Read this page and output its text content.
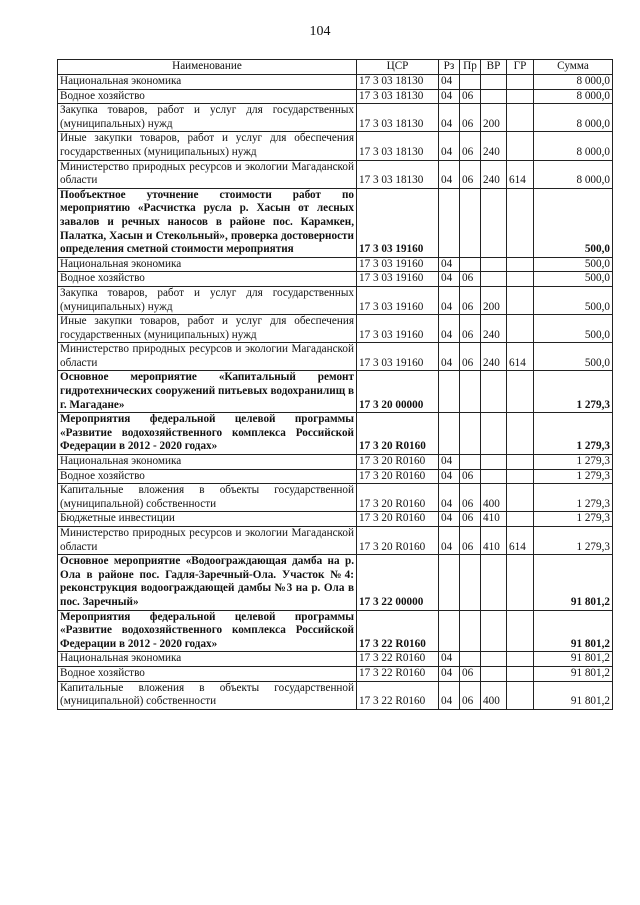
104
Наименование	ЦСР	Рз	Пр	ВР	ГР	Сумма
Национальная экономика	17 3 03 18130	04				8 000,0
Водное хозяйство	17 3 03 18130	04	06			8 000,0
Закупка товаров, работ и услуг для государственных (муниципальных) нужд	17 3 03 18130	04	06	200		8 000,0
Иные закупки товаров, работ и услуг для обеспечения государственных (муниципальных) нужд	17 3 03 18130	04	06	240		8 000,0
Министерство природных ресурсов и экологии Магаданской области	17 3 03 18130	04	06	240	614	8 000,0
Пообъектное уточнение стоимости работ по мероприятию «Расчистка русла р. Хасын от лесных завалов и речных наносов в районе пос. Карамкен, Палатка, Хасын и Стекольный», проверка достоверности определения сметной стоимости мероприятия	17 3 03 19160					500,0
Национальная экономика	17 3 03 19160	04				500,0
Водное хозяйство	17 3 03 19160	04	06			500,0
Закупка товаров, работ и услуг для государственных (муниципальных) нужд	17 3 03 19160	04	06	200		500,0
Иные закупки товаров, работ и услуг для обеспечения государственных (муниципальных) нужд	17 3 03 19160	04	06	240		500,0
Министерство природных ресурсов и экологии Магаданской области	17 3 03 19160	04	06	240	614	500,0
Основное мероприятие «Капитальный ремонт гидротехнических сооружений питьевых водохранилищ в г. Магадане»	17 3 20 00000					1 279,3
Мероприятия федеральной целевой программы «Развитие водохозяйственного комплекса Российской Федерации в 2012 - 2020 годах»	17 3 20 R0160					1 279,3
Национальная экономика	17 3 20 R0160	04				1 279,3
Водное хозяйство	17 3 20 R0160	04	06			1 279,3
Капитальные вложения в объекты государственной (муниципальной) собственности	17 3 20 R0160	04	06	400		1 279,3
Бюджетные инвестиции	17 3 20 R0160	04	06	410		1 279,3
Министерство природных ресурсов и экологии Магаданской области	17 3 20 R0160	04	06	410	614	1 279,3
Основное мероприятие «Водоограждающая дамба на р. Ола в районе пос. Гадля-Заречный-Ола. Участок №4: реконструкция водоограждающей дамбы №3 на р. Ола в пос. Заречный»	17 3 22 00000					91 801,2
Мероприятия федеральной целевой программы «Развитие водохозяйственного комплекса Российской Федерации в 2012 - 2020 годах»	17 3 22 R0160					91 801,2
Национальная экономика	17 3 22 R0160	04				91 801,2
Водное хозяйство	17 3 22 R0160	04	06			91 801,2
Капитальные вложения в объекты государственной (муниципальной) собственности	17 3 22 R0160	04	06	400		91 801,2
